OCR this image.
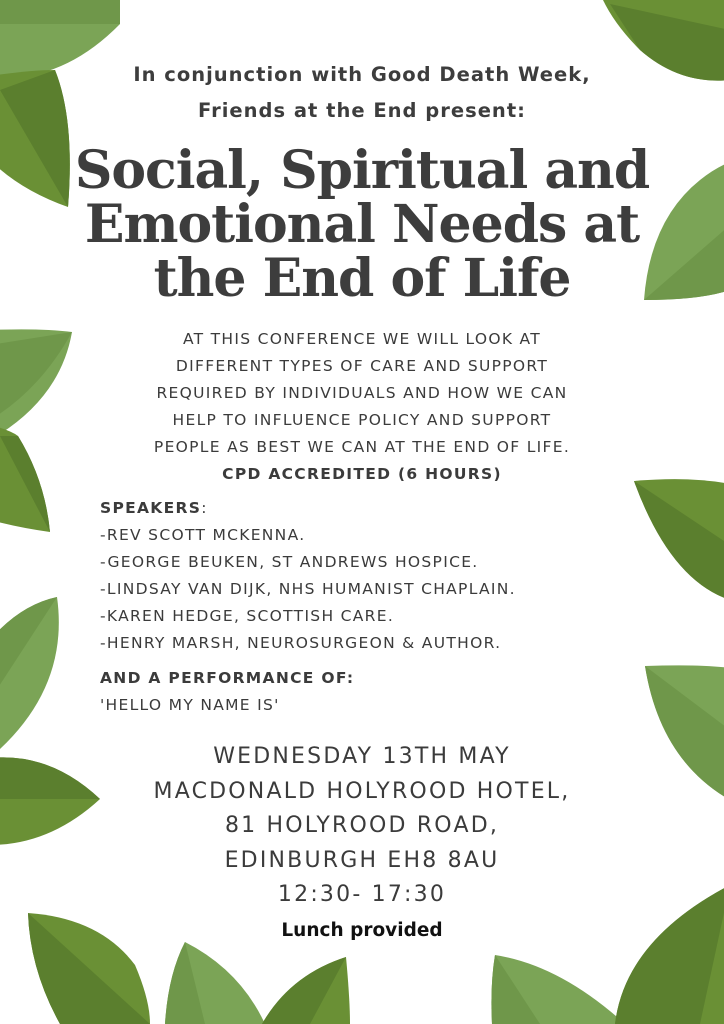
In conjunction with Good Death Week,
Friends at the End present:
Social, Spiritual and
Emotional Needs at
the End of Life
AT THIS CONFERENCE WE WILL LOOK AT
DIFFERENT TYPES OF CARE AND SUPPORT
REQUIRED BY INDIVIDUALS AND HOW WE CAN
HELP TO INFLUENCE POLICY AND SUPPORT
PEOPLE AS BEST WE CAN AT THE END OF LIFE.
CPD ACCREDITED (6 HOURS)
SPEAKERS:
-REV SCOTT MCKENNA.
-GEORGE BEUKEN, ST ANDREWS HOSPICE.
-LINDSAY VAN DIJK, NHS HUMANIST CHAPLAIN.
-KAREN HEDGE, SCOTTISH CARE.
-HENRY MARSH, NEUROSURGEON & AUTHOR.
AND A PERFORMANCE OF:
'HELLO MY NAME IS'
WEDNESDAY 13TH MAY
MACDONALD HOLYROOD HOTEL,
81 HOLYROOD ROAD,
EDINBURGH EH8 8AU
12:30- 17:30
Lunch provided
